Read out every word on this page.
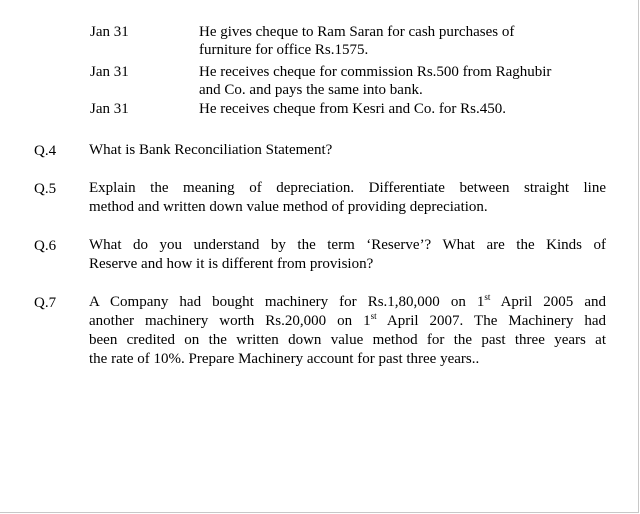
Jan 31	He gives cheque to Ram Saran for cash purchases of
furniture for office Rs.1575.
Jan 31	He receives cheque for commission Rs.500 from Raghubir
and Co. and pays the same into bank.
Jan 31	He receives cheque from Kesri and Co. for Rs.450.
Q.4 What is Bank Reconciliation Statement?
Q.5 Explain the meaning of depreciation. Differentiate between straight line
method and written down value method of providing depreciation.
Q.6 What do you understand by the term ‘Reserve’? What are the Kinds of
Reserve and how it is different from provision?
Q.7 A Company had bought machinery for Rs.1,80,000 on 1st April 2005 and
another machinery worth Rs.20,000 on 1st April 2007. The Machinery had
been credited on the written down value method for the past three years at
the rate of 10%. Prepare Machinery account for past three years..
